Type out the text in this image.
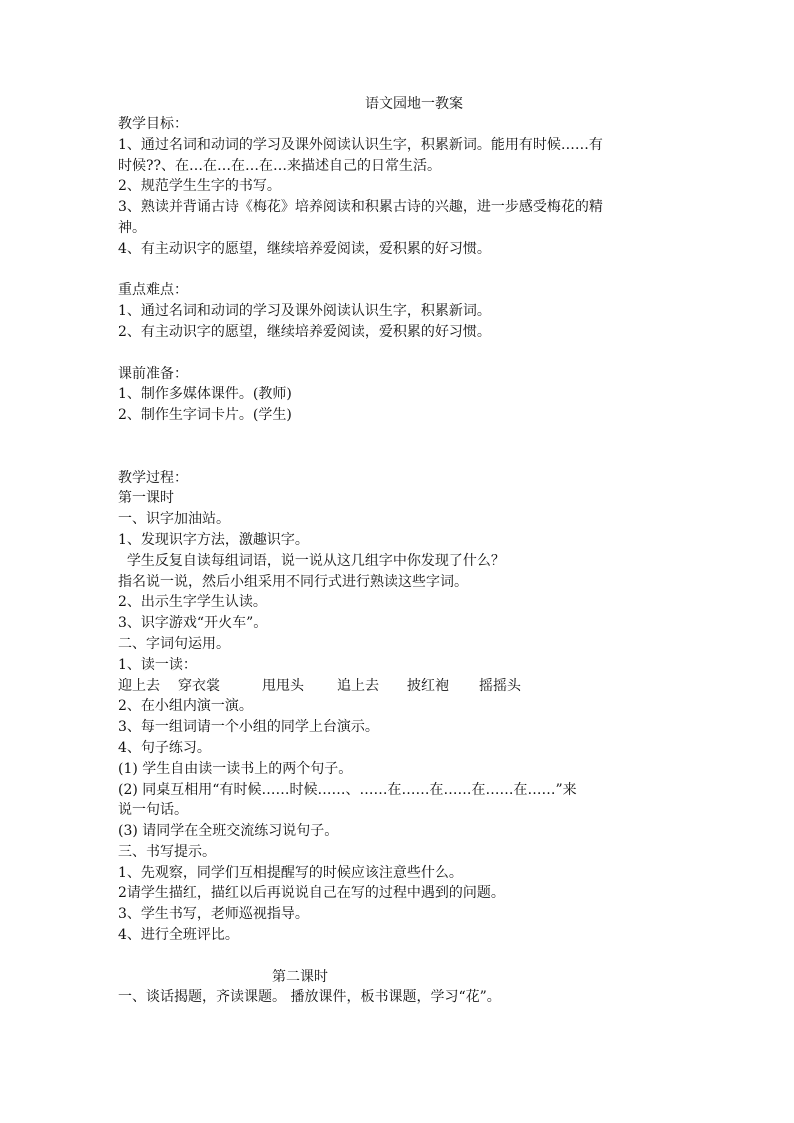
语文园地一教案
教学目标：
1、通过名词和动词的学习及课外阅读认识生字，积累新词。能用有时候……有
时候??、在…在…在…在…来描述自己的日常生活。
2、规范学生生字的书写。
3、熟读并背诵古诗《梅花》培养阅读和积累古诗的兴趣，进一步感受梅花的精
神。
4、有主动识字的愿望，继续培养爱阅读，爱积累的好习惯。
重点难点：
1、通过名词和动词的学习及课外阅读认识生字，积累新词。
2、有主动识字的愿望，继续培养爱阅读，爱积累的好习惯。
课前准备：
1、制作多媒体课件。(教师)
2、制作生字词卡片。(学生)
教学过程：
第一课时
一、识字加油站。
1、发现识字方法，激趣识字。
学生反复自读每组词语，说一说从这几组字中你发现了什么？
指名说一说，然后小组采用不同行式进行熟读这些字词。
2、出示生字学生认读。
3、识字游戏“开火车”。
二、字词句运用。
1、读一读：
迎上去 穿衣裳	甩甩头 追上去 披红袍 摇摇头
2、在小组内演一演。
3、每一组词请一个小组的同学上台演示。
4、句子练习。
(1) 学生自由读一读书上的两个句子。
(2) 同桌互相用“有时候……时候……、……在……在……在……在……”来
说一句话。
(3) 请同学在全班交流练习说句子。
三、书写提示。
1、先观察，同学们互相提醒写的时候应该注意些什么。
2请学生描红，描红以后再说说自己在写的过程中遇到的问题。
3、学生书写，老师巡视指导。
4、进行全班评比。
第二课时
一、谈话揭题，齐读课题。 播放课件，板书课题，学习“花”。
